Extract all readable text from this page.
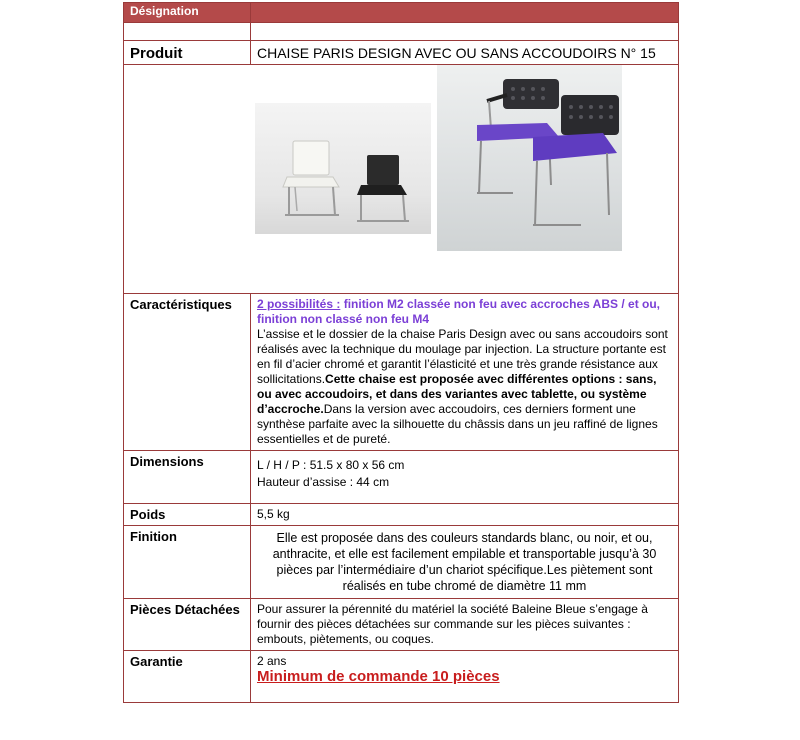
Désignation	

Produit	CHAISE PARIS DESIGN AVEC OU SANS ACCOUDOIRS N° 15

Caractéristiques	2 possibilités : finition M2 classée non feu avec accroches ABS / et ou, finition non classé non feu M4
L’assise et le dossier de la chaise Paris Design avec ou sans accoudoirs sont réalisés avec la technique du moulage par injection. La structure portante est en fil d’acier chromé et garantit l’élasticité et une très grande résistance aux sollicitations.Cette chaise est proposée avec différentes options : sans, ou avec accoudoirs, et dans des variantes avec tablette, ou système d’accroche.Dans la version avec accoudoirs, ces derniers forment une synthèse parfaite avec la silhouette du châssis dans un jeu raffiné de lignes essentielles et de pureté.
Dimensions	L / H / P : 51.5 x 80 x 56 cm
Hauteur d’assise : 44 cm

Poids	5,5 kg
Finition	Elle est proposée dans des couleurs standards blanc, ou noir, et ou, anthracite, et elle est facilement empilable et transportable jusqu’à 30 pièces par l’intermédiaire d’un chariot spécifique.Les piètement sont réalisés en tube chromé de diamètre 11 mm
Pièces Détachées	Pour assurer la pérennité du matériel la société Baleine Bleue s’engage à fournir des pièces détachées sur commande sur les pièces suivantes : embouts, piètements, ou coques.
Garantie	2 ans
Minimum de commande 10 pièces
